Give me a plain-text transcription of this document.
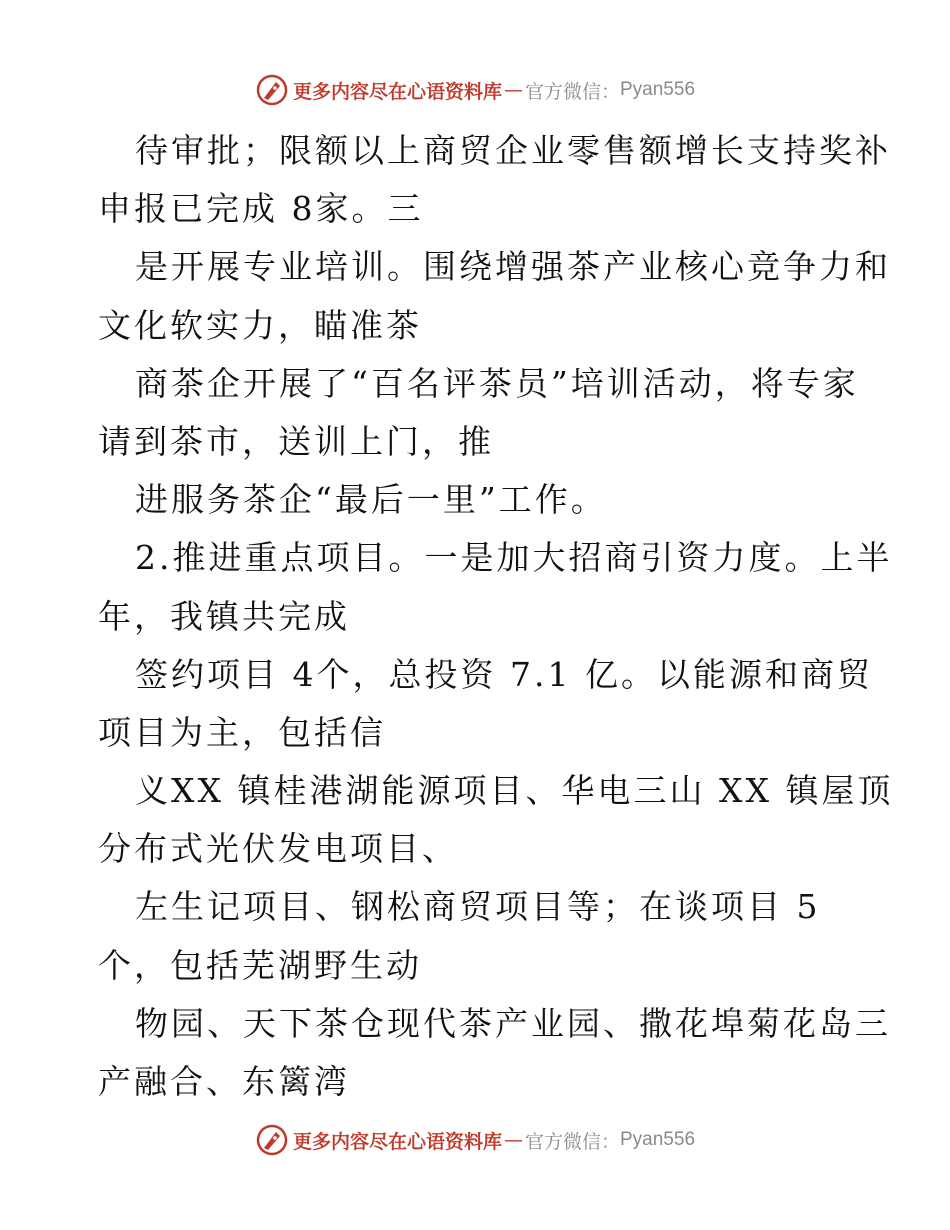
更多内容尽在心语资料库 — 官方微信： Pyan556
待审批；限额以上商贸企业零售额增长支持奖补
申报已完成 8家。三
是开展专业培训。围绕增强茶产业核心竞争力和
文化软实力，瞄准茶
商茶企开展了“百名评茶员”培训活动，将专家
请到茶市，送训上门，推
进服务茶企“最后一里”工作。
2.推进重点项目。一是加大招商引资力度。上半
年，我镇共完成
签约项目 4个，总投资 7.1 亿。以能源和商贸
项目为主，包括信
义XX 镇桂港湖能源项目、华电三山 XX 镇屋顶
分布式光伏发电项目、
左生记项目、钢松商贸项目等；在谈项目 5
个，包括芜湖野生动
物园、天下茶仓现代茶产业园、撒花埠菊花岛三
产融合、东篱湾
更多内容尽在心语资料库 — 官方微信： Pyan556
